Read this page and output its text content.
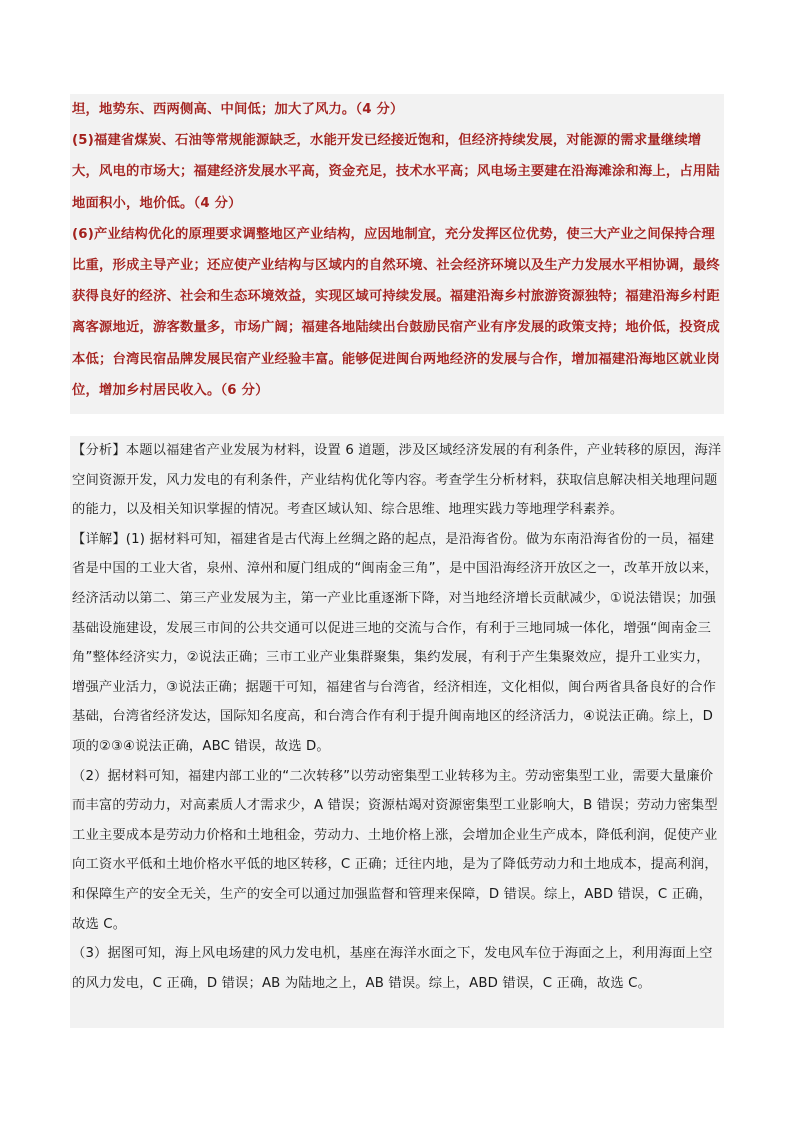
坦，地势东、西两侧高、中间低；加大了风力。（4 分）

(5)福建省煤炭、石油等常规能源缺乏，水能开发已经接近饱和，但经济持续发展，对能源的需求量继续增大，风电的市场大；福建经济发展水平高，资金充足，技术水平高；风电场主要建在沿海滩涂和海上，占用陆地面积小，地价低。（4 分）

(6)产业结构优化的原理要求调整地区产业结构，应因地制宜，充分发挥区位优势，使三大产业之间保持合理比重，形成主导产业；还应使产业结构与区域内的自然环境、社会经济环境以及生产力发展水平相协调，最终获得良好的经济、社会和生态环境效益，实现区域可持续发展。福建沿海乡村旅游资源独特；福建沿海乡村距离客源地近，游客数量多，市场广阔；福建各地陆续出台鼓励民宿产业有序发展的政策支持；地价低，投资成本低；台湾民宿品牌发展民宿产业经验丰富。能够促进闽台两地经济的发展与合作，增加福建沿海地区就业岗位，增加乡村居民收入。（6 分）

【分析】本题以福建省产业发展为材料，设置 6 道题，涉及区域经济发展的有利条件，产业转移的原因，海洋空间资源开发，风力发电的有利条件，产业结构优化等内容。考查学生分析材料，获取信息解决相关地理问题的能力，以及相关知识掌握的情况。考查区域认知、综合思维、地理实践力等地理学科素养。

【详解】(1) 据材料可知，福建省是古代海上丝绸之路的起点，是沿海省份。做为东南沿海省份的一员，福建省是中国的工业大省，泉州、漳州和厦门组成的“闽南金三角”，是中国沿海经济开放区之一，改革开放以来，经济活动以第二、第三产业发展为主，第一产业比重逐渐下降，对当地经济增长贡献减少，①说法错误；加强基础设施建设，发展三市间的公共交通可以促进三地的交流与合作，有利于三地同城一体化，增强“闽南金三角”整体经济实力，②说法正确；三市工业产业集群聚集，集约发展，有利于产生集聚效应，提升工业实力，增强产业活力，③说法正确；据题干可知，福建省与台湾省，经济相连，文化相似，闽台两省具备良好的合作基础，台湾省经济发达，国际知名度高，和台湾合作有利于提升闽南地区的经济活力，④说法正确。综上，D 项的②③④说法正确，ABC 错误，故选 D。

（2）据材料可知，福建内部工业的“二次转移”以劳动密集型工业转移为主。劳动密集型工业，需要大量廉价而丰富的劳动力，对高素质人才需求少，A 错误；资源枯竭对资源密集型工业影响大，B 错误；劳动力密集型工业主要成本是劳动力价格和土地租金，劳动力、土地价格上涨，会增加企业生产成本，降低利润，促使产业向工资水平低和土地价格水平低的地区转移，C 正确；迁往内地，是为了降低劳动力和土地成本，提高利润，和保障生产的安全无关，生产的安全可以通过加强监督和管理来保障，D 错误。综上，ABD 错误，C 正确，故选 C。

（3）据图可知，海上风电场建的风力发电机，基座在海洋水面之下，发电风车位于海面之上，利用海面上空的风力发电，C 正确，D 错误；AB 为陆地之上，AB 错误。综上，ABD 错误，C 正确，故选 C。
